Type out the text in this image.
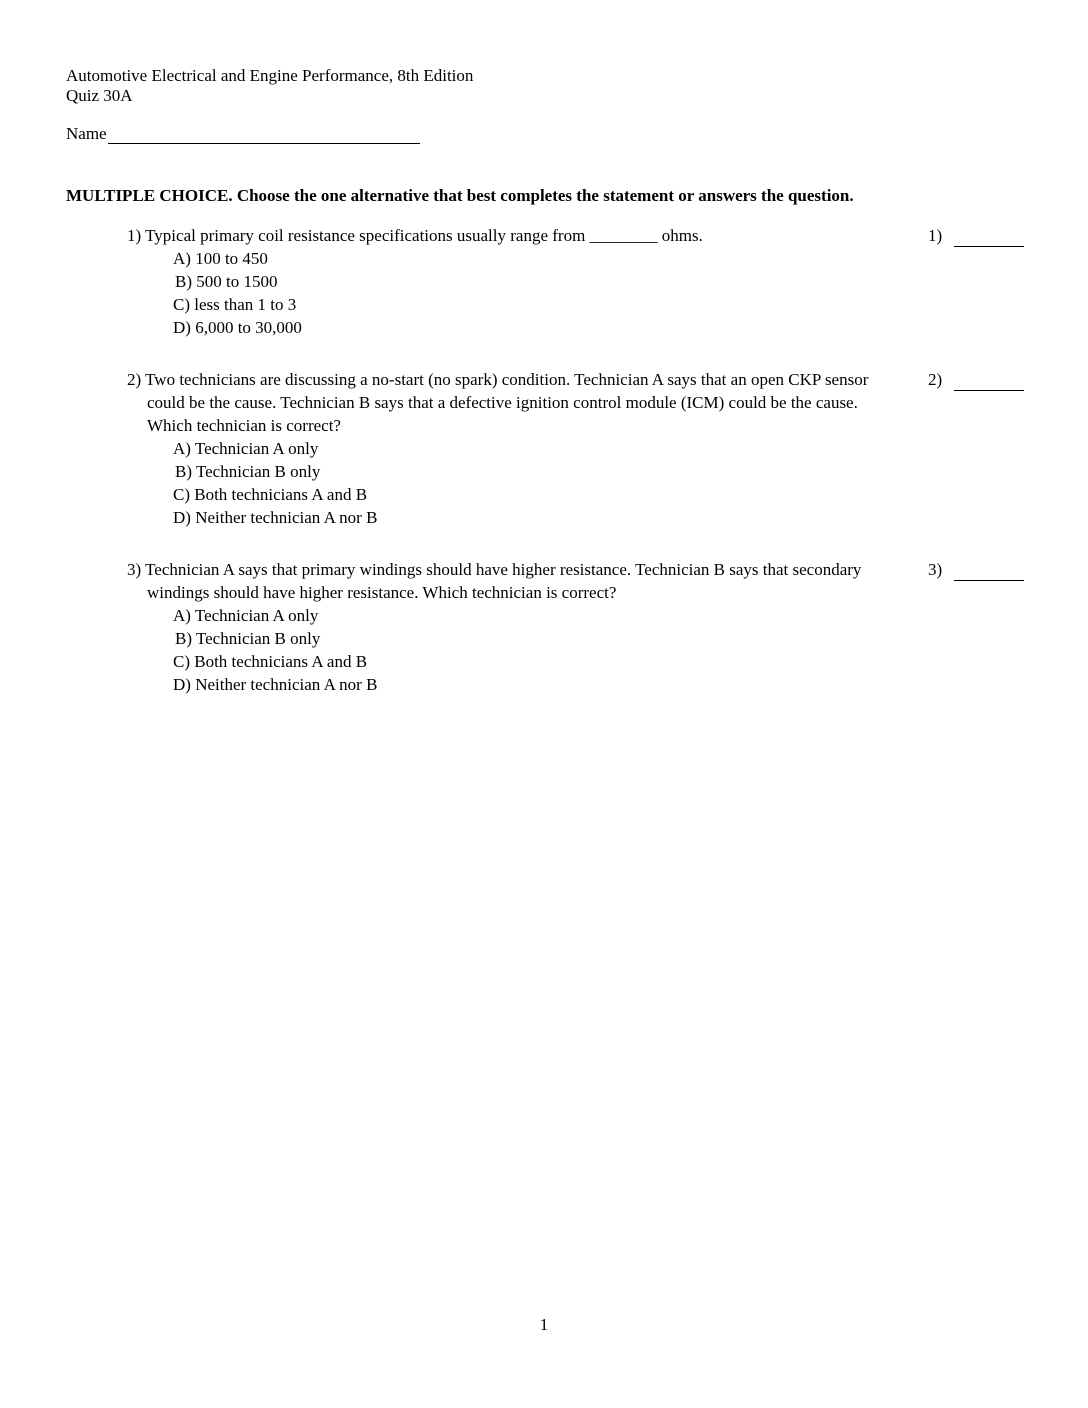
Automotive Electrical and Engine Performance, 8th Edition
Quiz 30A
Name
MULTIPLE CHOICE. Choose the one alternative that best completes the statement or answers the question.
1) Typical primary coil resistance specifications usually range from ________ ohms.
A) 100 to 450
B) 500 to 1500
C) less than 1 to 3
D) 6,000 to 30,000
1)
2) Two technicians are discussing a no-start (no spark) condition. Technician A says that an open CKP sensor could be the cause. Technician B says that a defective ignition control module (ICM) could be the cause. Which technician is correct?
A) Technician A only
B) Technician B only
C) Both technicians A and B
D) Neither technician A nor B
2)
3) Technician A says that primary windings should have higher resistance. Technician B says that secondary windings should have higher resistance. Which technician is correct?
A) Technician A only
B) Technician B only
C) Both technicians A and B
D) Neither technician A nor B
3)
1
